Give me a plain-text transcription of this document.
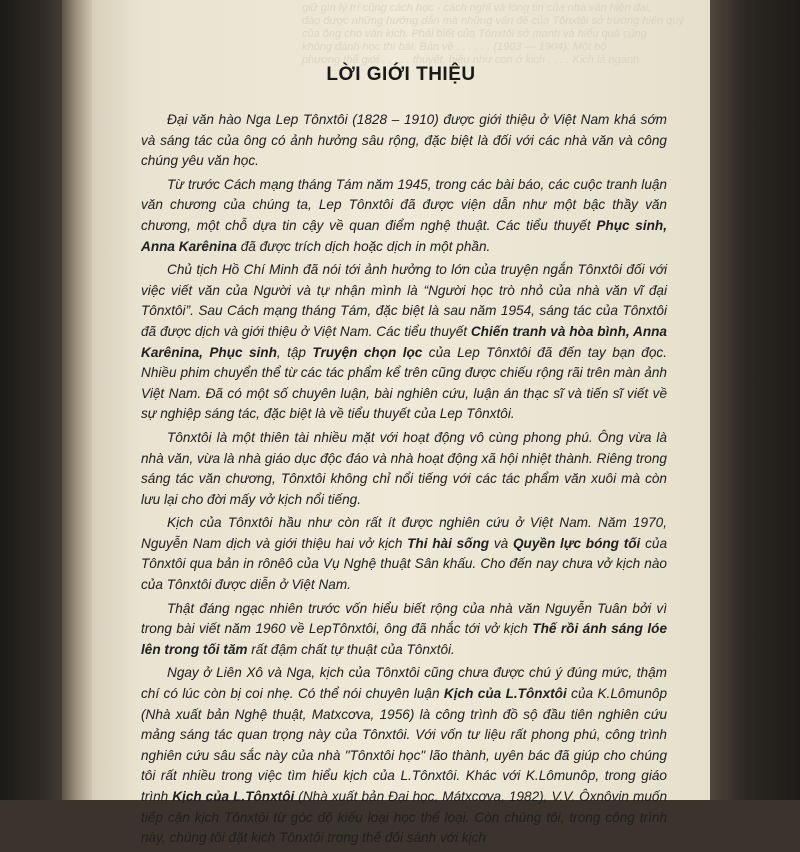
giữ gìn lý trí cũng cách học - cách nghĩ và lòng tin của nhà văn hiện đại,
đào được những hướng dẫn mà những vấn đề của Tônxtôi sở trường hiện quý
của ông cho văn kịch. Phải biết của Tônxtôi sở mạnh và hiểu quả cũng
không đánh học thì bài. Bản vẽ . . . . . . (1903 — 1904): Một bộ
phương thế giới . . . . . thuyết, hiệu như con ở kịch . . . . Kịch là ngành
LỜI GIỚI THIỆU

Đại văn hào Nga Lep Tônxtôi (1828 – 1910) được giới thiệu ở Việt Nam khá sớm và sáng tác của ông có ảnh hưởng sâu rộng, đặc biệt là đối với các nhà văn và công chúng yêu văn học.

Từ trước Cách mạng tháng Tám năm 1945, trong các bài báo, các cuộc tranh luận văn chương của chúng ta, Lep Tônxtôi đã được viện dẫn như một bậc thầy văn chương, một chỗ dựa tin cậy về quan điểm nghệ thuật. Các tiểu thuyết Phục sinh, Anna Karênina đã được trích dịch hoặc dịch in một phần.

Chủ tịch Hồ Chí Minh đã nói tới ảnh hưởng to lớn của truyện ngắn Tônxtôi đối với việc viết văn của Người và tự nhận mình là “Người học trò nhỏ của nhà văn vĩ đại Tônxtôi”. Sau Cách mạng tháng Tám, đặc biệt là sau năm 1954, sáng tác của Tônxtôi đã được dịch và giới thiệu ở Việt Nam. Các tiểu thuyết Chiến tranh và hòa bình, Anna Karênina, Phục sinh, tập Truyện chọn lọc của Lep Tônxtôi đã đến tay bạn đọc. Nhiều phim chuyển thể từ các tác phẩm kể trên cũng được chiếu rộng rãi trên màn ảnh Việt Nam. Đã có một số chuyên luận, bài nghiên cứu, luận án thạc sĩ và tiến sĩ viết về sự nghiệp sáng tác, đặc biệt là về tiểu thuyết của Lep Tônxtôi.

Tônxtôi là một thiên tài nhiều mặt với hoạt động vô cùng phong phú. Ông vừa là nhà văn, vừa là nhà giáo dục độc đáo và nhà hoạt động xã hội nhiệt thành. Riêng trong sáng tác văn chương, Tônxtôi không chỉ nổi tiếng với các tác phẩm văn xuôi mà còn lưu lại cho đời mấy vở kịch nổi tiếng.

Kịch của Tônxtôi hầu như còn rất ít được nghiên cứu ở Việt Nam. Năm 1970, Nguyễn Nam dịch và giới thiệu hai vở kịch Thi hài sống và Quyền lực bóng tối của Tônxtôi qua bản in rônêô của Vụ Nghệ thuật Sân khấu. Cho đến nay chưa vở kịch nào của Tônxtôi được diễn ở Việt Nam.

Thật đáng ngạc nhiên trước vốn hiểu biết rộng của nhà văn Nguyễn Tuân bởi vì trong bài viết năm 1960 về LepTônxtôi, ông đã nhắc tới vở kịch Thế rồi ánh sáng lóe lên trong tối tăm rất đậm chất tự thuật của Tônxtôi.

Ngay ở Liên Xô và Nga, kịch của Tônxtôi cũng chưa được chú ý đúng mức, thậm chí có lúc còn bị coi nhẹ. Có thể nói chuyên luận Kịch của L.Tônxtôi của K.Lômunôp (Nhà xuất bản Nghệ thuật, Matxcơva, 1956) là công trình đồ sộ đầu tiên nghiên cứu mảng sáng tác quan trọng này của Tônxtôi. Với vốn tư liệu rất phong phú, công trình nghiên cứu sâu sắc này của nhà "Tônxtôi học" lão thành, uyên bác đã giúp cho chúng tôi rất nhiều trong việc tìm hiểu kịch của L.Tônxtôi. Khác với K.Lômunôp, trong giáo trình Kịch của L.Tônxtôi (Nhà xuất bản Đại học, Mátxcơva, 1982), V.V. Ôxnôvin muốn tiếp cận kịch Tônxtôi từ góc độ kiểu loại học thể loại. Còn chúng tôi, trong công trình này, chúng tôi đặt kịch Tônxtôi trong thế đối sánh với kịch
